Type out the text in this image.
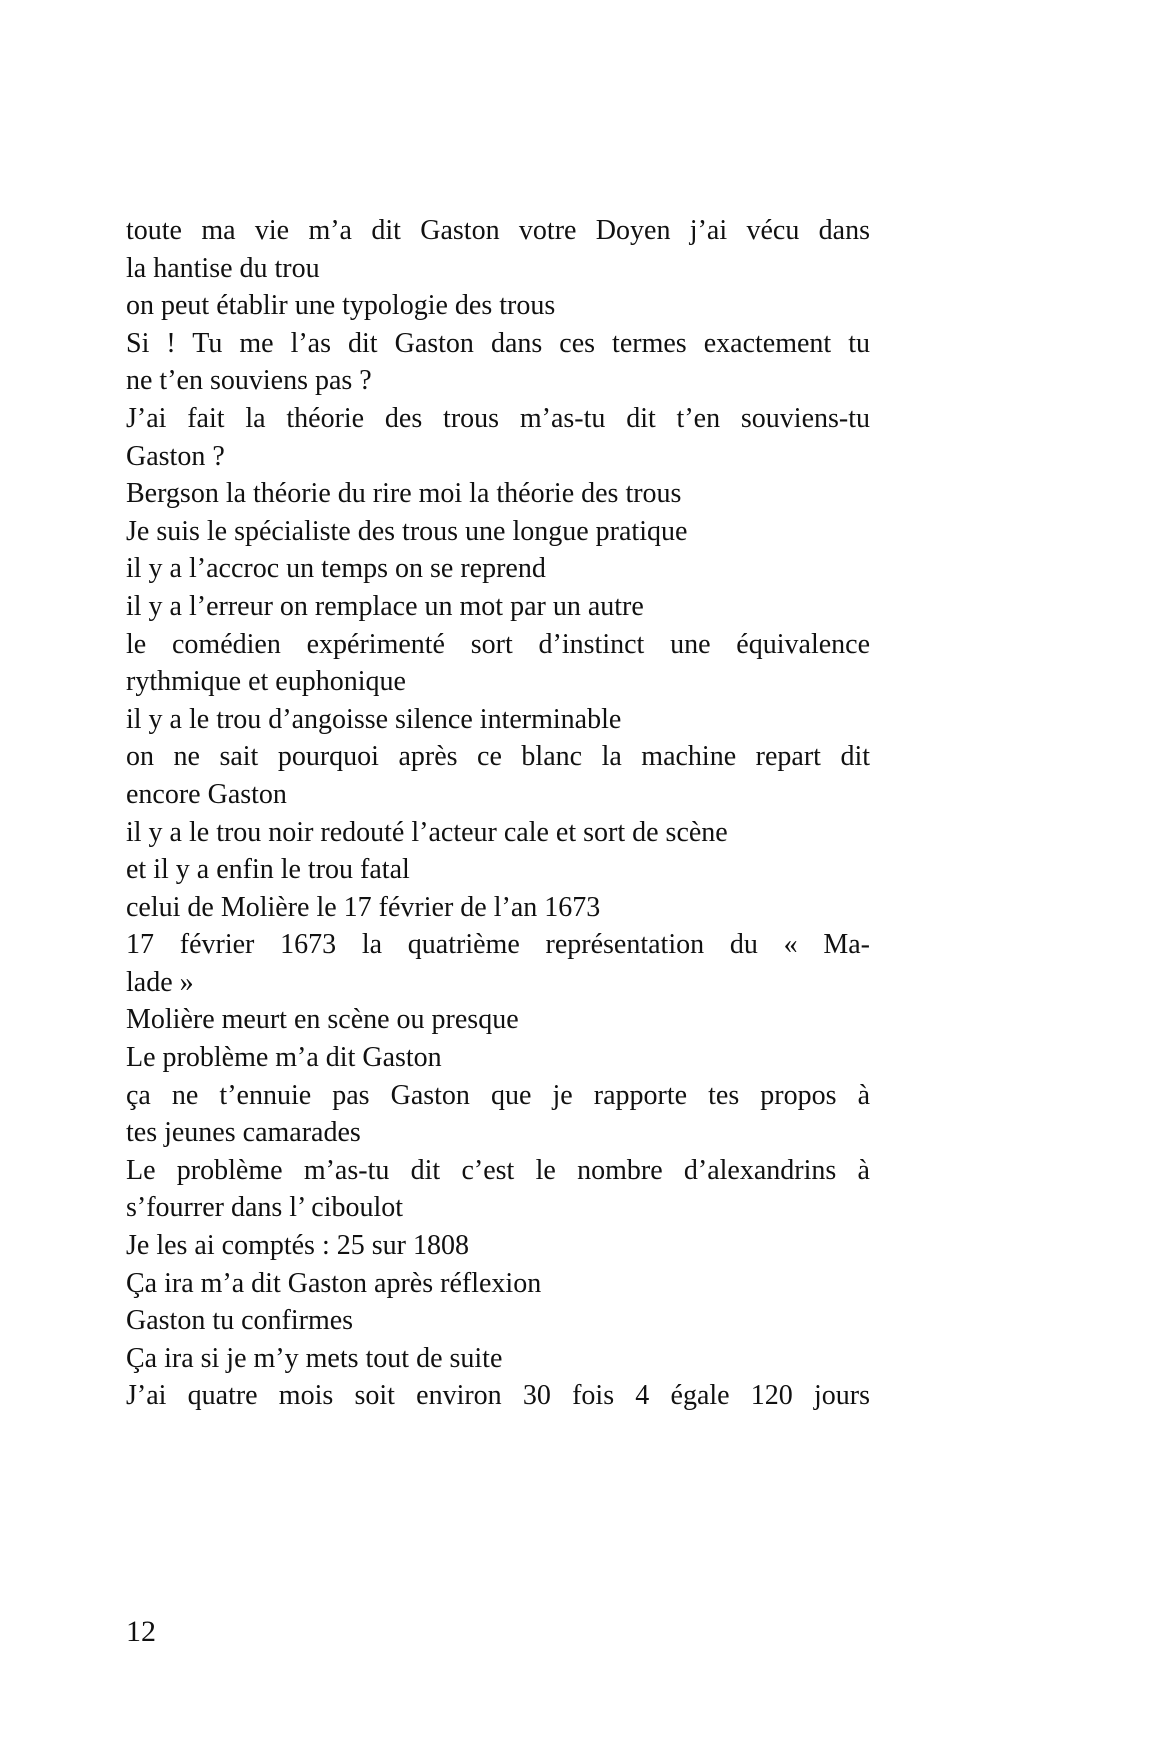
toute ma vie m’a dit Gaston votre Doyen j’ai vécu dans
la hantise du trou
on peut établir une typologie des trous
Si ! Tu me l’as dit Gaston dans ces termes exactement tu
ne t’en souviens pas ?
J’ai fait la théorie des trous m’as-tu dit t’en souviens-tu
Gaston ?
Bergson la théorie du rire moi la théorie des trous
Je suis le spécialiste des trous une longue pratique
il y a l’accroc un temps on se reprend
il y a l’erreur on remplace un mot par un autre
le comédien expérimenté sort d’instinct une équivalence
rythmique et euphonique
il y a le trou d’angoisse silence interminable
on ne sait pourquoi après ce blanc la machine repart dit
encore Gaston
il y a le trou noir redouté l’acteur cale et sort de scène
et il y a enfin le trou fatal
celui de Molière le 17 février de l’an 1673
17 février 1673 la quatrième représentation du « Ma-
lade »
Molière meurt en scène ou presque
Le problème m’a dit Gaston
ça ne t’ennuie pas Gaston que je rapporte tes propos à
tes jeunes camarades
Le problème m’as-tu dit c’est le nombre d’alexandrins à
s’fourrer dans l’ ciboulot
Je les ai comptés : 25 sur 1808
Ça ira m’a dit Gaston après réflexion
Gaston tu confirmes
Ça ira si je m’y mets tout de suite
J’ai quatre mois soit environ 30 fois 4 égale 120 jours
12
